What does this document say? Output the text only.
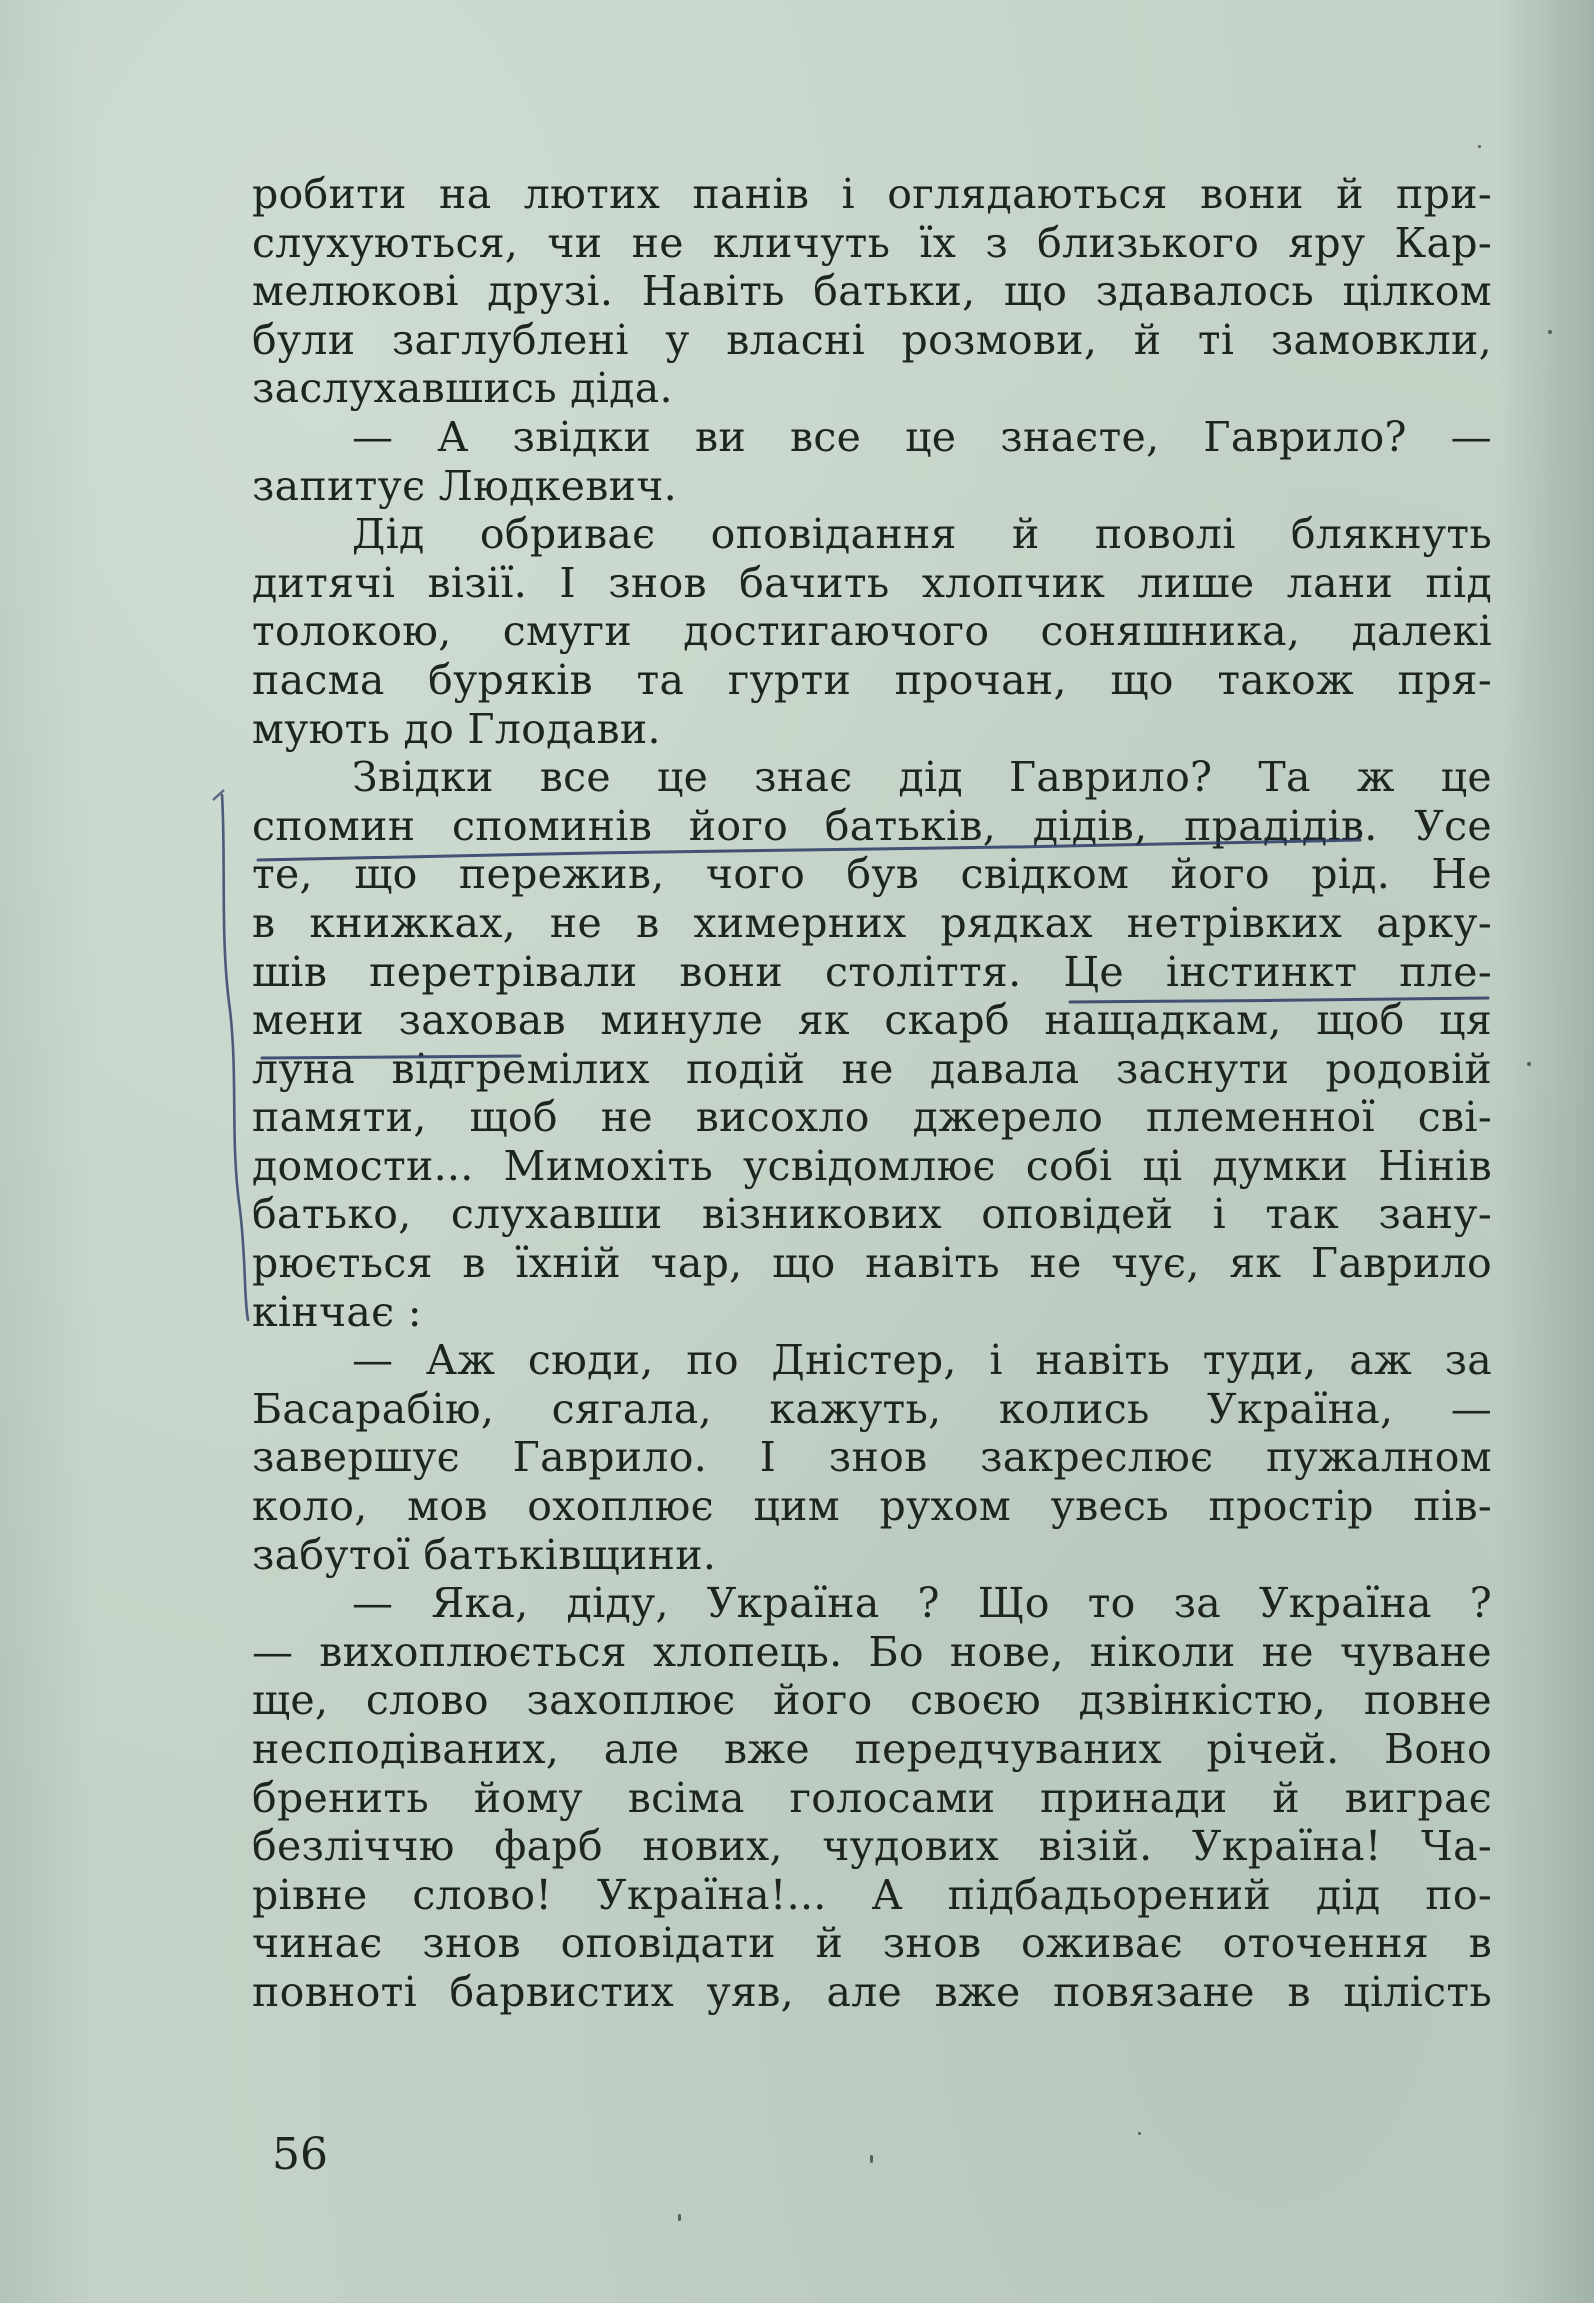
робити на лютих панів і оглядаються вони й при-
слухуються, чи не кличуть їх з близького яру Кар-
мелюкові друзі. Навіть батьки, що здавалось цілком
були заглублені у власні розмови, й ті замовкли,
заслухавшись діда.
— А звідки ви все це знаєте, Гаврило? —
запитує Людкевич.
Дід обриває оповідання й поволі блякнуть
дитячі візії. І знов бачить хлопчик лише лани під
толокою, смуги достигаючого соняшника, далекі
пасма буряків та гурти прочан, що також пря-
мують до Глодави.
Звідки все це знає дід Гаврило? Та ж це
спомин споминів його батьків, дідів, прадідів. Усе
те, що пережив, чого був свідком його рід. Не
в книжках, не в химерних рядках нетрівких арку-
шів перетрівали вони століття. Це інстинкт пле-
мени заховав минуле як скарб нащадкам, щоб ця
луна відгремілих подій не давала заснути родовій
памяти, щоб не висохло джерело племенної сві-
домости... Мимохіть усвідомлює собі ці думки Нінів
батько, слухавши візникових оповідей і так зану-
рюється в їхній чар, що навіть не чує, як Гаврило
кінчає :
— Аж сюди, по Дністер, і навіть туди, аж за
Басарабію, сягала, кажуть, колись Україна, —
завершує Гаврило. І знов закреслює пужалном
коло, мов охоплює цим рухом увесь простір пів-
забутої батьківщини.
— Яка, діду, Україна ? Що то за Україна ?
— вихоплюється хлопець. Бо нове, ніколи не чуване
ще, слово захоплює його своєю дзвінкістю, повне
несподіваних, але вже передчуваних річей. Воно
бренить йому всіма голосами принади й виграє
безліччю фарб нових, чудових візій. Україна! Ча-
рівне слово! Україна!... А підбадьорений дід по-
чинає знов оповідати й знов оживає оточення в
повноті барвистих уяв, але вже повязане в цілість
56
